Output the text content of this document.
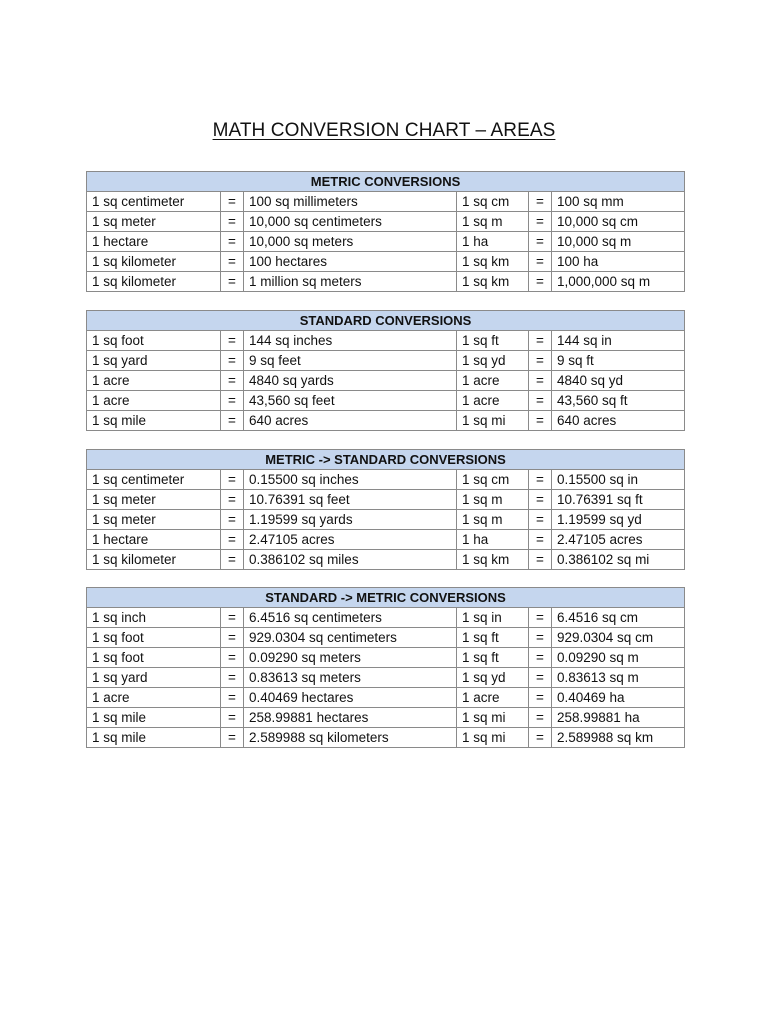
MATH CONVERSION CHART – AREAS
METRIC CONVERSIONS					
1 sq centimeter	=	100 sq millimeters	1 sq cm	=	100 sq mm
1 sq meter	=	10,000 sq centimeters	1 sq m	=	10,000 sq cm
1 hectare	=	10,000 sq meters	1 ha	=	10,000 sq m
1 sq kilometer	=	100 hectares	1 sq km	=	100 ha
1 sq kilometer	=	1 million sq meters	1 sq km	=	1,000,000 sq m
STANDARD CONVERSIONS					
1 sq foot	=	144 sq inches	1 sq ft	=	144 sq in
1 sq yard	=	9 sq feet	1 sq yd	=	9 sq ft
1 acre	=	4840 sq yards	1 acre	=	4840 sq yd
1 acre	=	43,560 sq feet	1 acre	=	43,560 sq ft
1 sq mile	=	640 acres	1 sq mi	=	640 acres
METRIC -> STANDARD CONVERSIONS					
1 sq centimeter	=	0.15500 sq inches	1 sq cm	=	0.15500 sq in
1 sq meter	=	10.76391 sq feet	1 sq m	=	10.76391 sq ft
1 sq meter	=	1.19599 sq yards	1 sq m	=	1.19599 sq yd
1 hectare	=	2.47105 acres	1 ha	=	2.47105 acres
1 sq kilometer	=	0.386102 sq miles	1 sq km	=	0.386102 sq mi
STANDARD -> METRIC CONVERSIONS					
1 sq inch	=	6.4516 sq centimeters	1 sq in	=	6.4516 sq cm
1 sq foot	=	929.0304 sq centimeters	1 sq ft	=	929.0304 sq cm
1 sq foot	=	0.09290 sq meters	1 sq ft	=	0.09290 sq m
1 sq yard	=	0.83613 sq meters	1 sq yd	=	0.83613 sq m
1 acre	=	0.40469 hectares	1 acre	=	0.40469 ha
1 sq mile	=	258.99881 hectares	1 sq mi	=	258.99881 ha
1 sq mile	=	2.589988 sq kilometers	1 sq mi	=	2.589988 sq km
